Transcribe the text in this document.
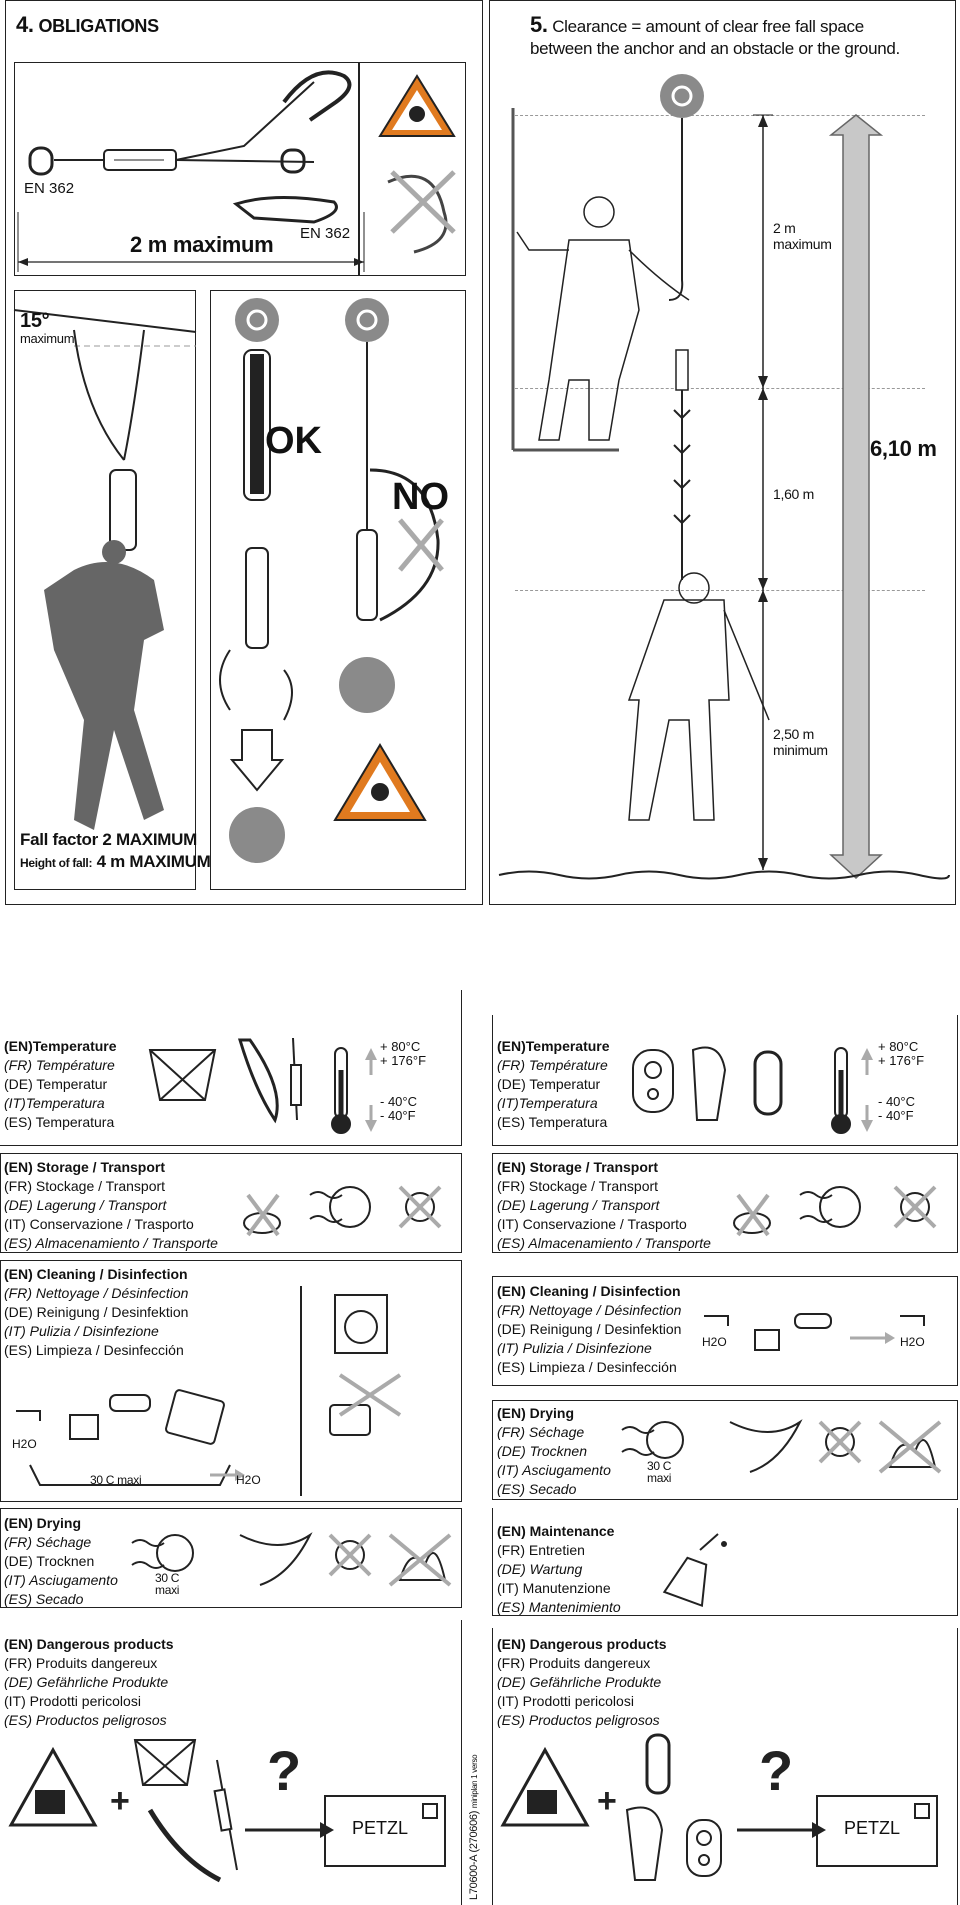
4. OBLIGATIONS
EN 362
EN 362
2 m maximum
15°
maximum
Fall factor 2 MAXIMUM
Height of fall: 4 m MAXIMUM
OK
NO
5. Clearance = amount of clear free fall space
between the anchor and an obstacle or the ground.
2 m
maximum
1,60 m
2,50 m
minimum
6,10 m
(EN)Temperature
(FR) Température
(DE) Temperatur
(IT)Temperatura
(ES) Temperatura
+ 80°C
+ 176°F
- 40°C
- 40°F
(EN) Storage / Transport
(FR) Stockage / Transport
(DE) Lagerung / Transport
(IT) Conservazione / Trasporto
(ES) Almacenamiento / Transporte
(EN) Cleaning / Disinfection
(FR) Nettoyage / Désinfection
(DE) Reinigung / Desinfektion
(IT) Pulizia / Disinfezione
(ES) Limpieza / Desinfección
H2O
H2O
30 C maxi
(EN) Drying
(FR) Séchage
(DE) Trocknen
(IT) Asciugamento
(ES) Secado
30 C
maxi
(EN) Dangerous products
(FR) Produits dangereux
(DE) Gefährliche Produkte
(IT) Prodotti pericolosi
(ES) Productos peligrosos
+ ?
PETZL	L70600-A (270606) miniplan 1 verso
(EN)Temperature
(FR) Température
(DE) Temperatur
(IT)Temperatura
(ES) Temperatura
+ 80°C
+ 176°F
- 40°C
- 40°F
(EN) Storage / Transport
(FR) Stockage / Transport
(DE) Lagerung / Transport
(IT) Conservazione / Trasporto
(ES) Almacenamiento / Transporte
(EN) Cleaning / Disinfection
(FR) Nettoyage / Désinfection
(DE) Reinigung / Desinfektion
(IT) Pulizia / Disinfezione
(ES) Limpieza / Desinfección
H2O	H2O
(EN) Drying
(FR) Séchage
(DE) Trocknen
(IT) Asciugamento
(ES) Secado
30 C
maxi
(EN) Maintenance
(FR) Entretien
(DE) Wartung
(IT) Manutenzione
(ES) Mantenimiento
(EN) Dangerous products
(FR) Produits dangereux
(DE) Gefährliche Produkte
(IT) Prodotti pericolosi
(ES) Productos peligrosos
+	?
PETZL
